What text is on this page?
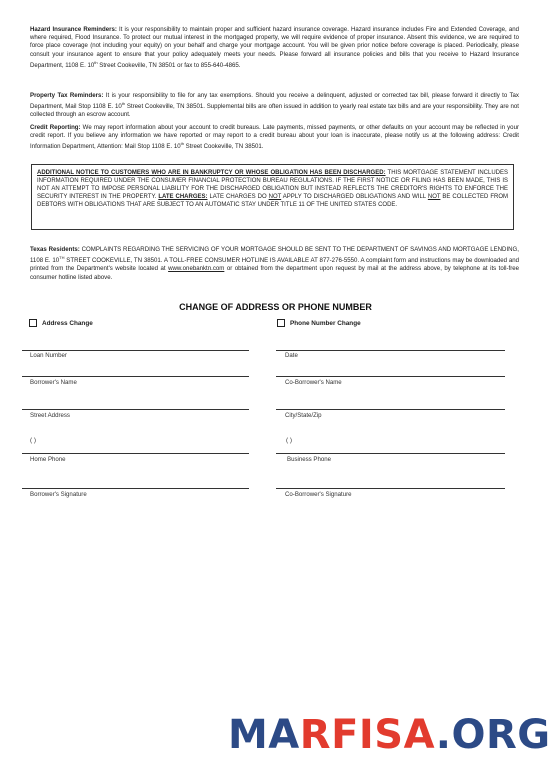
Hazard Insurance Reminders: It is your responsibility to maintain proper and sufficient hazard insurance coverage. Hazard insurance includes Fire and Extended Coverage, and where required, Flood Insurance. To protect our mutual interest in the mortgaged property, we will require evidence of proper insurance. Absent this evidence, we are required to force place coverage (not including your equity) on your behalf and charge your mortgage account. You will be given prior notice before coverage is placed. Periodically, please consult your insurance agent to ensure that your policy adequately meets your needs. Please forward all insurance policies and bills that you receive to Hazard Insurance Department, 1108 E. 10th Street Cookeville, TN 38501 or fax to 855-640-4865.

Property Tax Reminders: It is your responsibility to file for any tax exemptions. Should you receive a delinquent, adjusted or corrected tax bill, please forward it directly to Tax Department, Mail Stop 1108 E. 10th Street Cookeville, TN 38501. Supplemental bills are often issued in addition to yearly real estate tax bills and are your responsibility. They are not collected through an escrow account.

Credit Reporting: We may report information about your account to credit bureaus. Late payments, missed payments, or other defaults on your account may be reflected in your credit report. If you believe any information we have reported or may report to a credit bureau about your loan is inaccurate, please notify us at the following address: Credit Information Department, Attention: Mail Stop 1108 E. 10th Street Cookeville, TN 38501.

ADDITIONAL NOTICE TO CUSTOMERS WHO ARE IN BANKRUPTCY OR WHOSE OBLIGATION HAS BEEN DISCHARGED: THIS MORTGAGE STATEMENT INCLUDES INFORMATION REQUIRED UNDER THE CONSUMER FINANCIAL PROTECTION BUREAU REGULATIONS. IF THE FIRST NOTICE OR FILING HAS BEEN MADE, THIS IS NOT AN ATTEMPT TO IMPOSE PERSONAL LIABILITY FOR THE DISCHARGED OBLIGATION BUT INSTEAD REFLECTS THE CREDITOR'S RIGHTS TO ENFORCE THE SECURITY INTEREST IN THE PROPERTY. LATE CHARGES: LATE CHARGES DO NOT APPLY TO DISCHARGED OBLIGATIONS AND WILL NOT BE COLLECTED FROM DEBTORS WITH OBLIGATIONS THAT ARE SUBJECT TO AN AUTOMATIC STAY UNDER TITLE 11 OF THE UNITED STATES CODE.

Texas Residents: COMPLAINTS REGARDING THE SERVICING OF YOUR MORTGAGE SHOULD BE SENT TO THE DEPARTMENT OF SAVINGS AND MORTGAGE LENDING, 1108 E. 10TH STREET COOKEVILLE, TN 38501. A TOLL-FREE CONSUMER HOTLINE IS AVAILABLE AT 877-276-5550. A complaint form and instructions may be downloaded and printed from the Department's website located at www.onebanktn.com or obtained from the department upon request by mail at the address above, by telephone at its toll-free consumer hotline listed above.

CHANGE OF ADDRESS OR PHONE NUMBER
Address Change	Phone Number Change
Loan Number	Date
Borrower's Name	Co-Borrower's Name
Street Address	City/State/Zip
( )	( )
Home Phone	Business Phone
Borrower's Signature	Co-Borrower's Signature
MARFISA.ORG
